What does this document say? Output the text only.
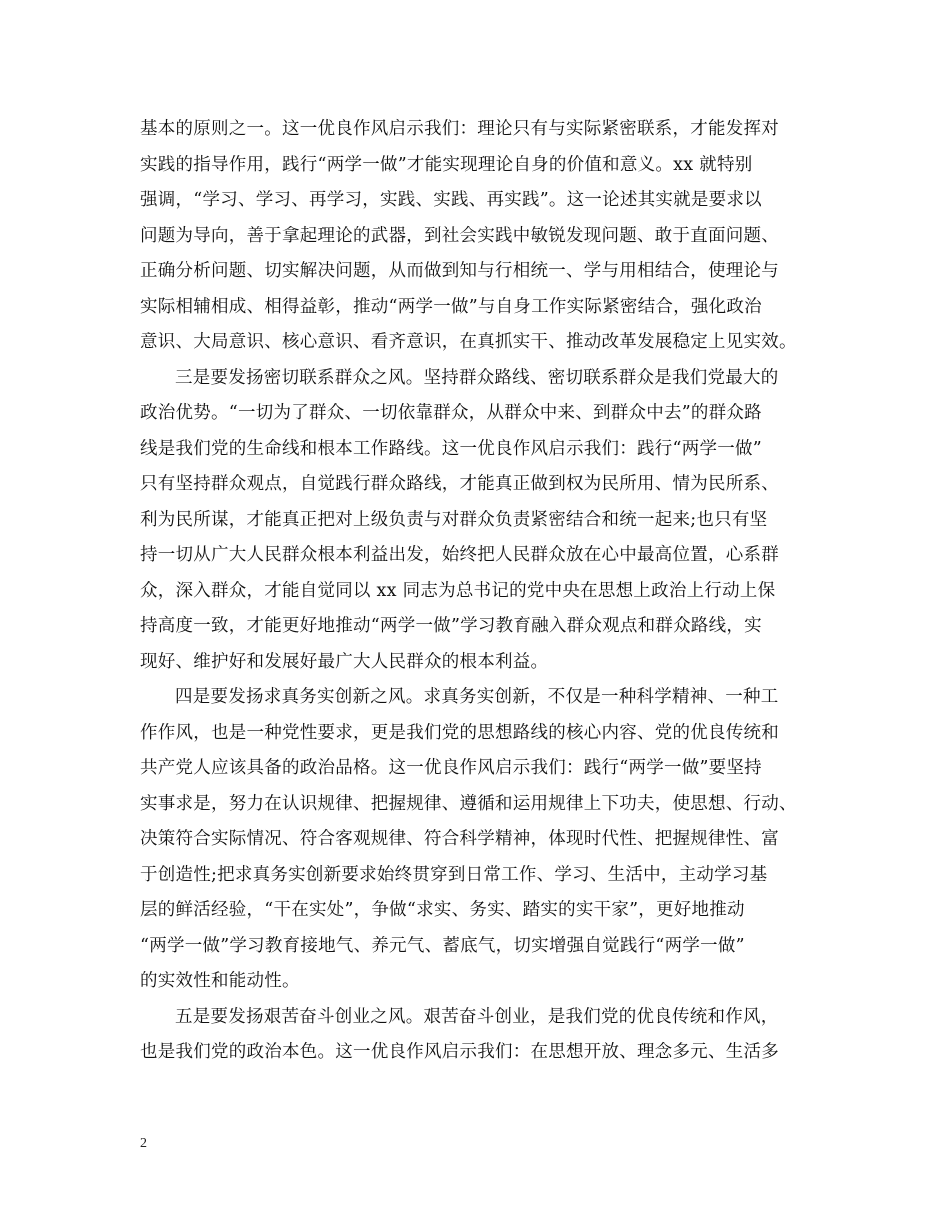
基本的原则之一。这一优良作风启示我们：理论只有与实际紧密联系，才能发挥对
实践的指导作用，践行“两学一做”才能实现理论自身的价值和意义。xx 就特别
强调，“学习、学习、再学习，实践、实践、再实践”。这一论述其实就是要求以
问题为导向，善于拿起理论的武器，到社会实践中敏锐发现问题、敢于直面问题、
正确分析问题、切实解决问题，从而做到知与行相统一、学与用相结合，使理论与
实际相辅相成、相得益彰，推动“两学一做”与自身工作实际紧密结合，强化政治
意识、大局意识、核心意识、看齐意识，在真抓实干、推动改革发展稳定上见实效。
三是要发扬密切联系群众之风。坚持群众路线、密切联系群众是我们党最大的
政治优势。“一切为了群众、一切依靠群众，从群众中来、到群众中去”的群众路
线是我们党的生命线和根本工作路线。这一优良作风启示我们：践行“两学一做”
只有坚持群众观点，自觉践行群众路线，才能真正做到权为民所用、情为民所系、
利为民所谋，才能真正把对上级负责与对群众负责紧密结合和统一起来;也只有坚
持一切从广大人民群众根本利益出发，始终把人民群众放在心中最高位置，心系群
众，深入群众，才能自觉同以 xx 同志为总书记的党中央在思想上政治上行动上保
持高度一致，才能更好地推动“两学一做”学习教育融入群众观点和群众路线，实
现好、维护好和发展好最广大人民群众的根本利益。
四是要发扬求真务实创新之风。求真务实创新，不仅是一种科学精神、一种工
作作风，也是一种党性要求，更是我们党的思想路线的核心内容、党的优良传统和
共产党人应该具备的政治品格。这一优良作风启示我们：践行“两学一做”要坚持
实事求是，努力在认识规律、把握规律、遵循和运用规律上下功夫，使思想、行动、
决策符合实际情况、符合客观规律、符合科学精神，体现时代性、把握规律性、富
于创造性;把求真务实创新要求始终贯穿到日常工作、学习、生活中，主动学习基
层的鲜活经验，“干在实处”，争做“求实、务实、踏实的实干家”，更好地推动
“两学一做”学习教育接地气、养元气、蓄底气，切实增强自觉践行“两学一做”
的实效性和能动性。
五是要发扬艰苦奋斗创业之风。艰苦奋斗创业，是我们党的优良传统和作风，
也是我们党的政治本色。这一优良作风启示我们：在思想开放、理念多元、生活多
2
